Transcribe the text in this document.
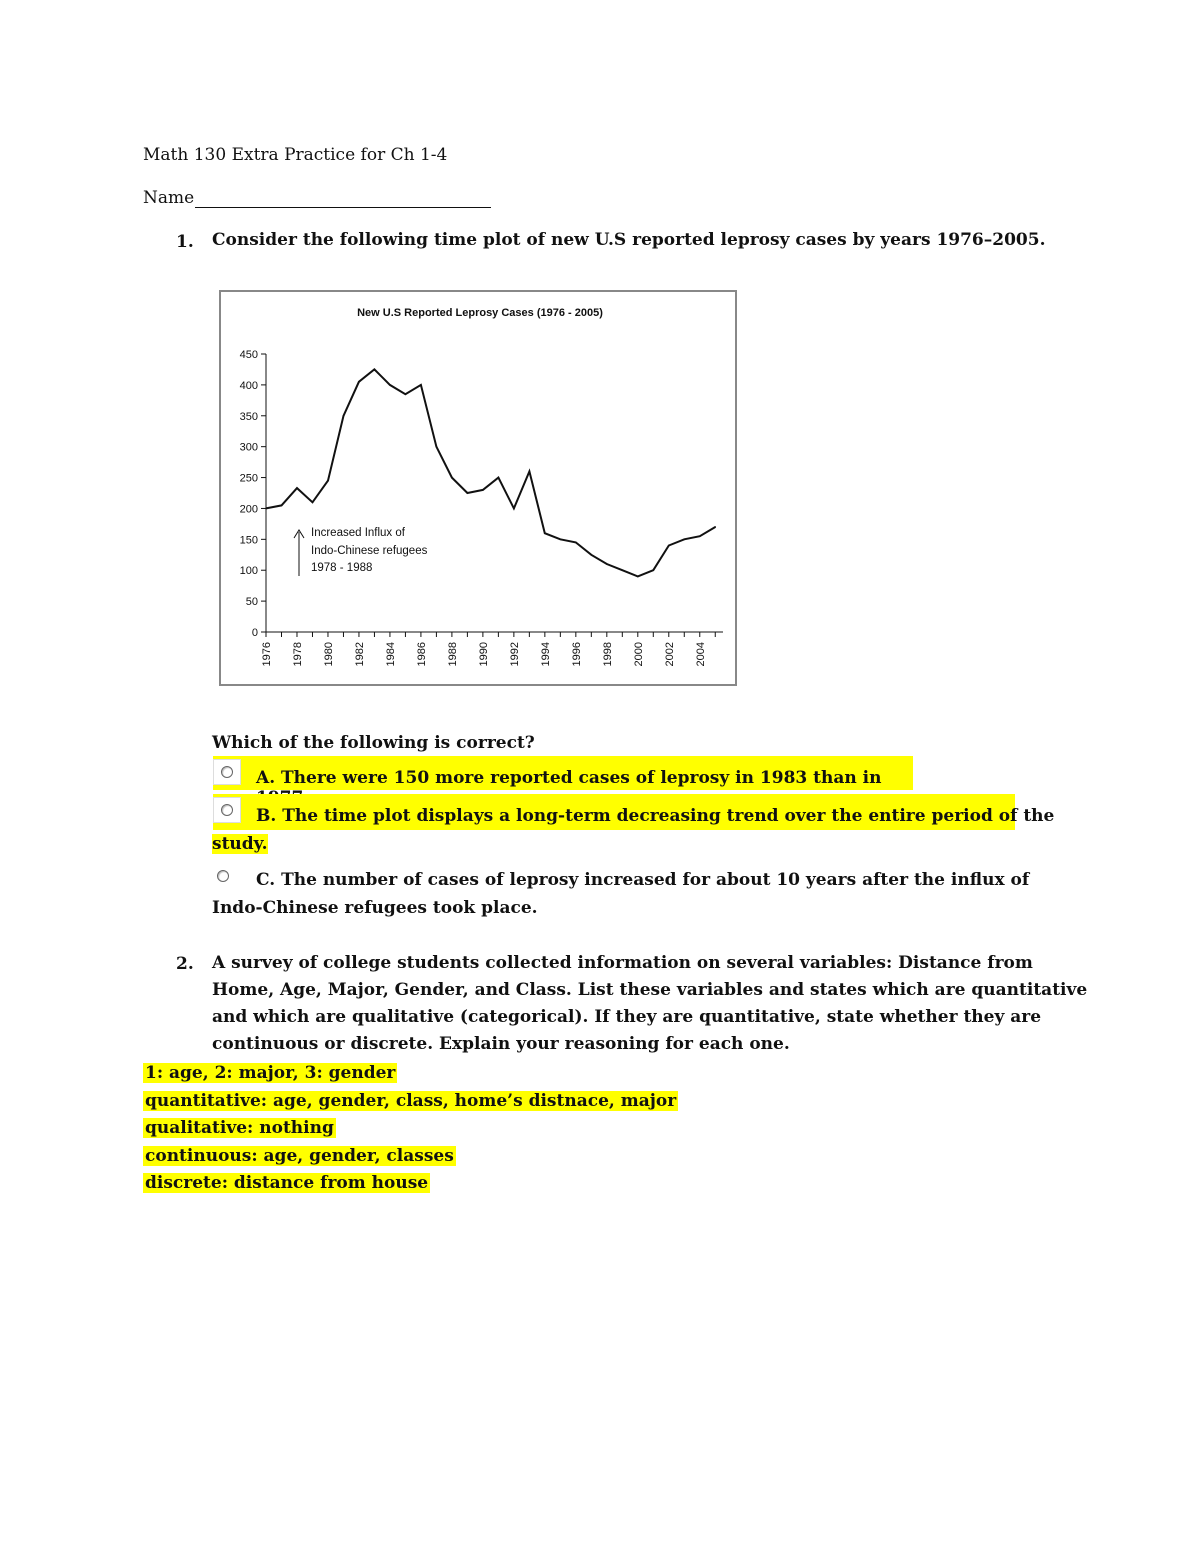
Math 130 Extra Practice for Ch 1-4
Name
1. Consider the following time plot of new U.S reported leprosy cases by years 1976–2005.
New U.S Reported Leprosy Cases (1976 - 2005)
0
50
100
150
200
250
300
350
400
450
1976 1978 1980 1982 1984 1986 1988 1990 1992 1994 1996 1998 2000 2002 2004
Increased Influx of
Indo-Chinese refugees
1978 - 1988
Which of the following is correct?
A. There were 150 more reported cases of leprosy in 1983 than in
B. The time plot displays a long-term decreasing trend over the entire period of the
study.
C. The number of cases of leprosy increased for about 10 years after the influx of
Indo-Chinese refugees took place.
2. A survey of college students collected information on several variables: Distance from
Home, Age, Major, Gender, and Class. List these variables and states which are quantitative
and which are qualitative (categorical). If they are quantitative, state whether they are
continuous or discrete. Explain your reasoning for each one.
1: age, 2: major, 3: gender
quantitative: age, gender, class, home’s distnace, major
qualitative: nothing
continuous: age, gender, classes
discrete: distance from house
